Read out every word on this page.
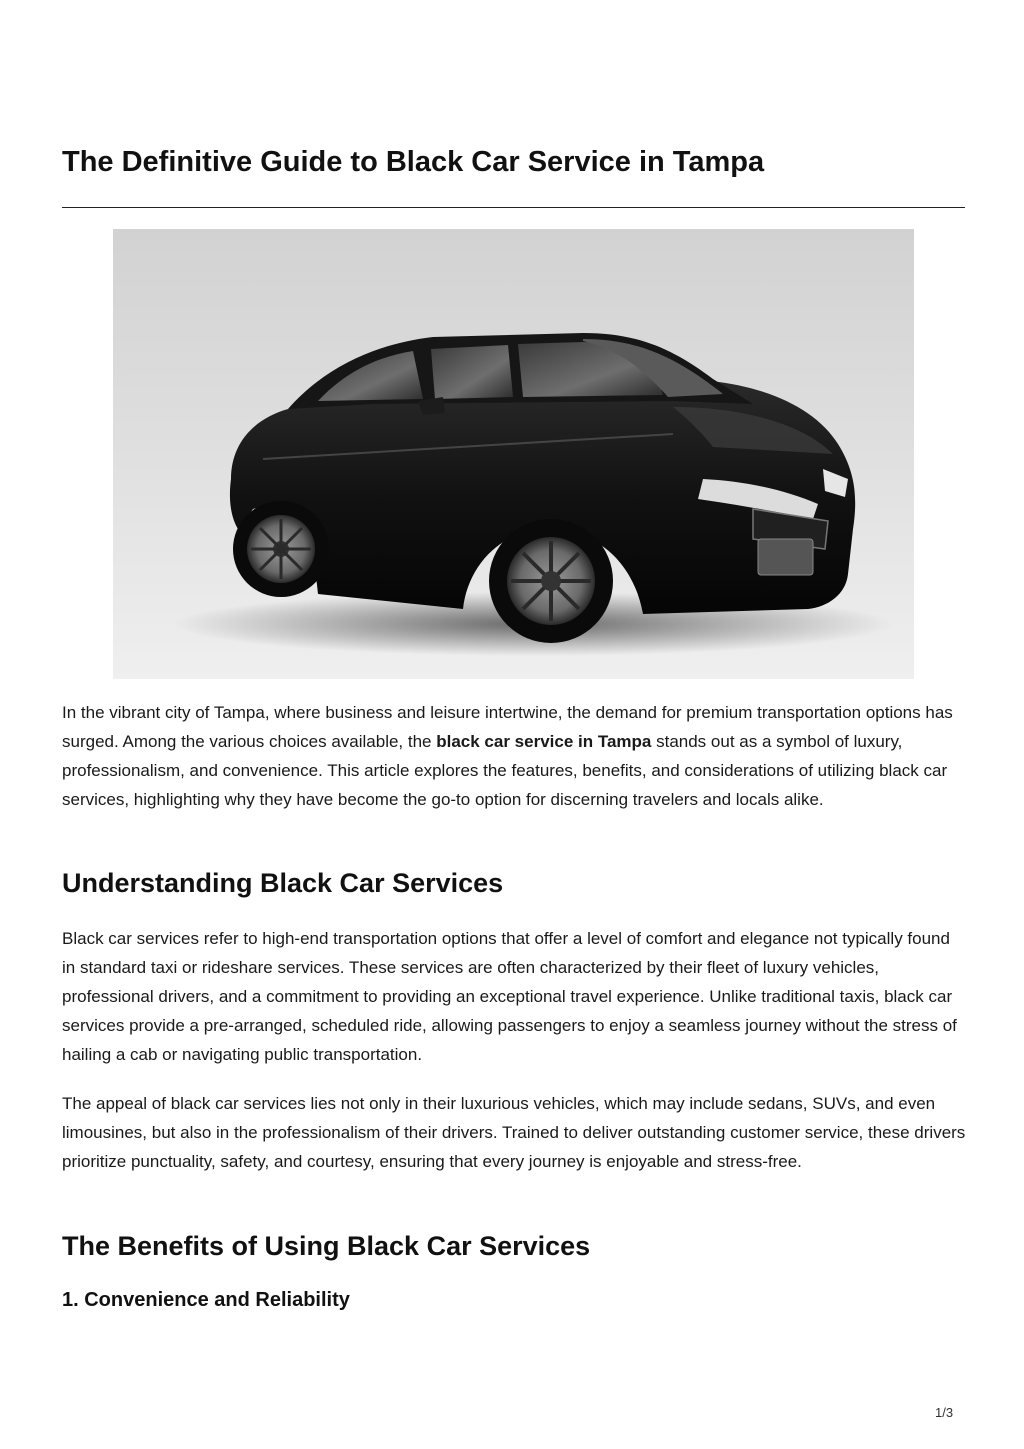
The Definitive Guide to Black Car Service in Tampa

In the vibrant city of Tampa, where business and leisure intertwine, the demand for premium transportation options has surged. Among the various choices available, the black car service in Tampa stands out as a symbol of luxury, professionalism, and convenience. This article explores the features, benefits, and considerations of utilizing black car services, highlighting why they have become the go-to option for discerning travelers and locals alike.

Understanding Black Car Services

Black car services refer to high-end transportation options that offer a level of comfort and elegance not typically found in standard taxi or rideshare services. These services are often characterized by their fleet of luxury vehicles, professional drivers, and a commitment to providing an exceptional travel experience. Unlike traditional taxis, black car services provide a pre-arranged, scheduled ride, allowing passengers to enjoy a seamless journey without the stress of hailing a cab or navigating public transportation.

The appeal of black car services lies not only in their luxurious vehicles, which may include sedans, SUVs, and even limousines, but also in the professionalism of their drivers. Trained to deliver outstanding customer service, these drivers prioritize punctuality, safety, and courtesy, ensuring that every journey is enjoyable and stress-free.

The Benefits of Using Black Car Services
1. Convenience and Reliability
1/3
